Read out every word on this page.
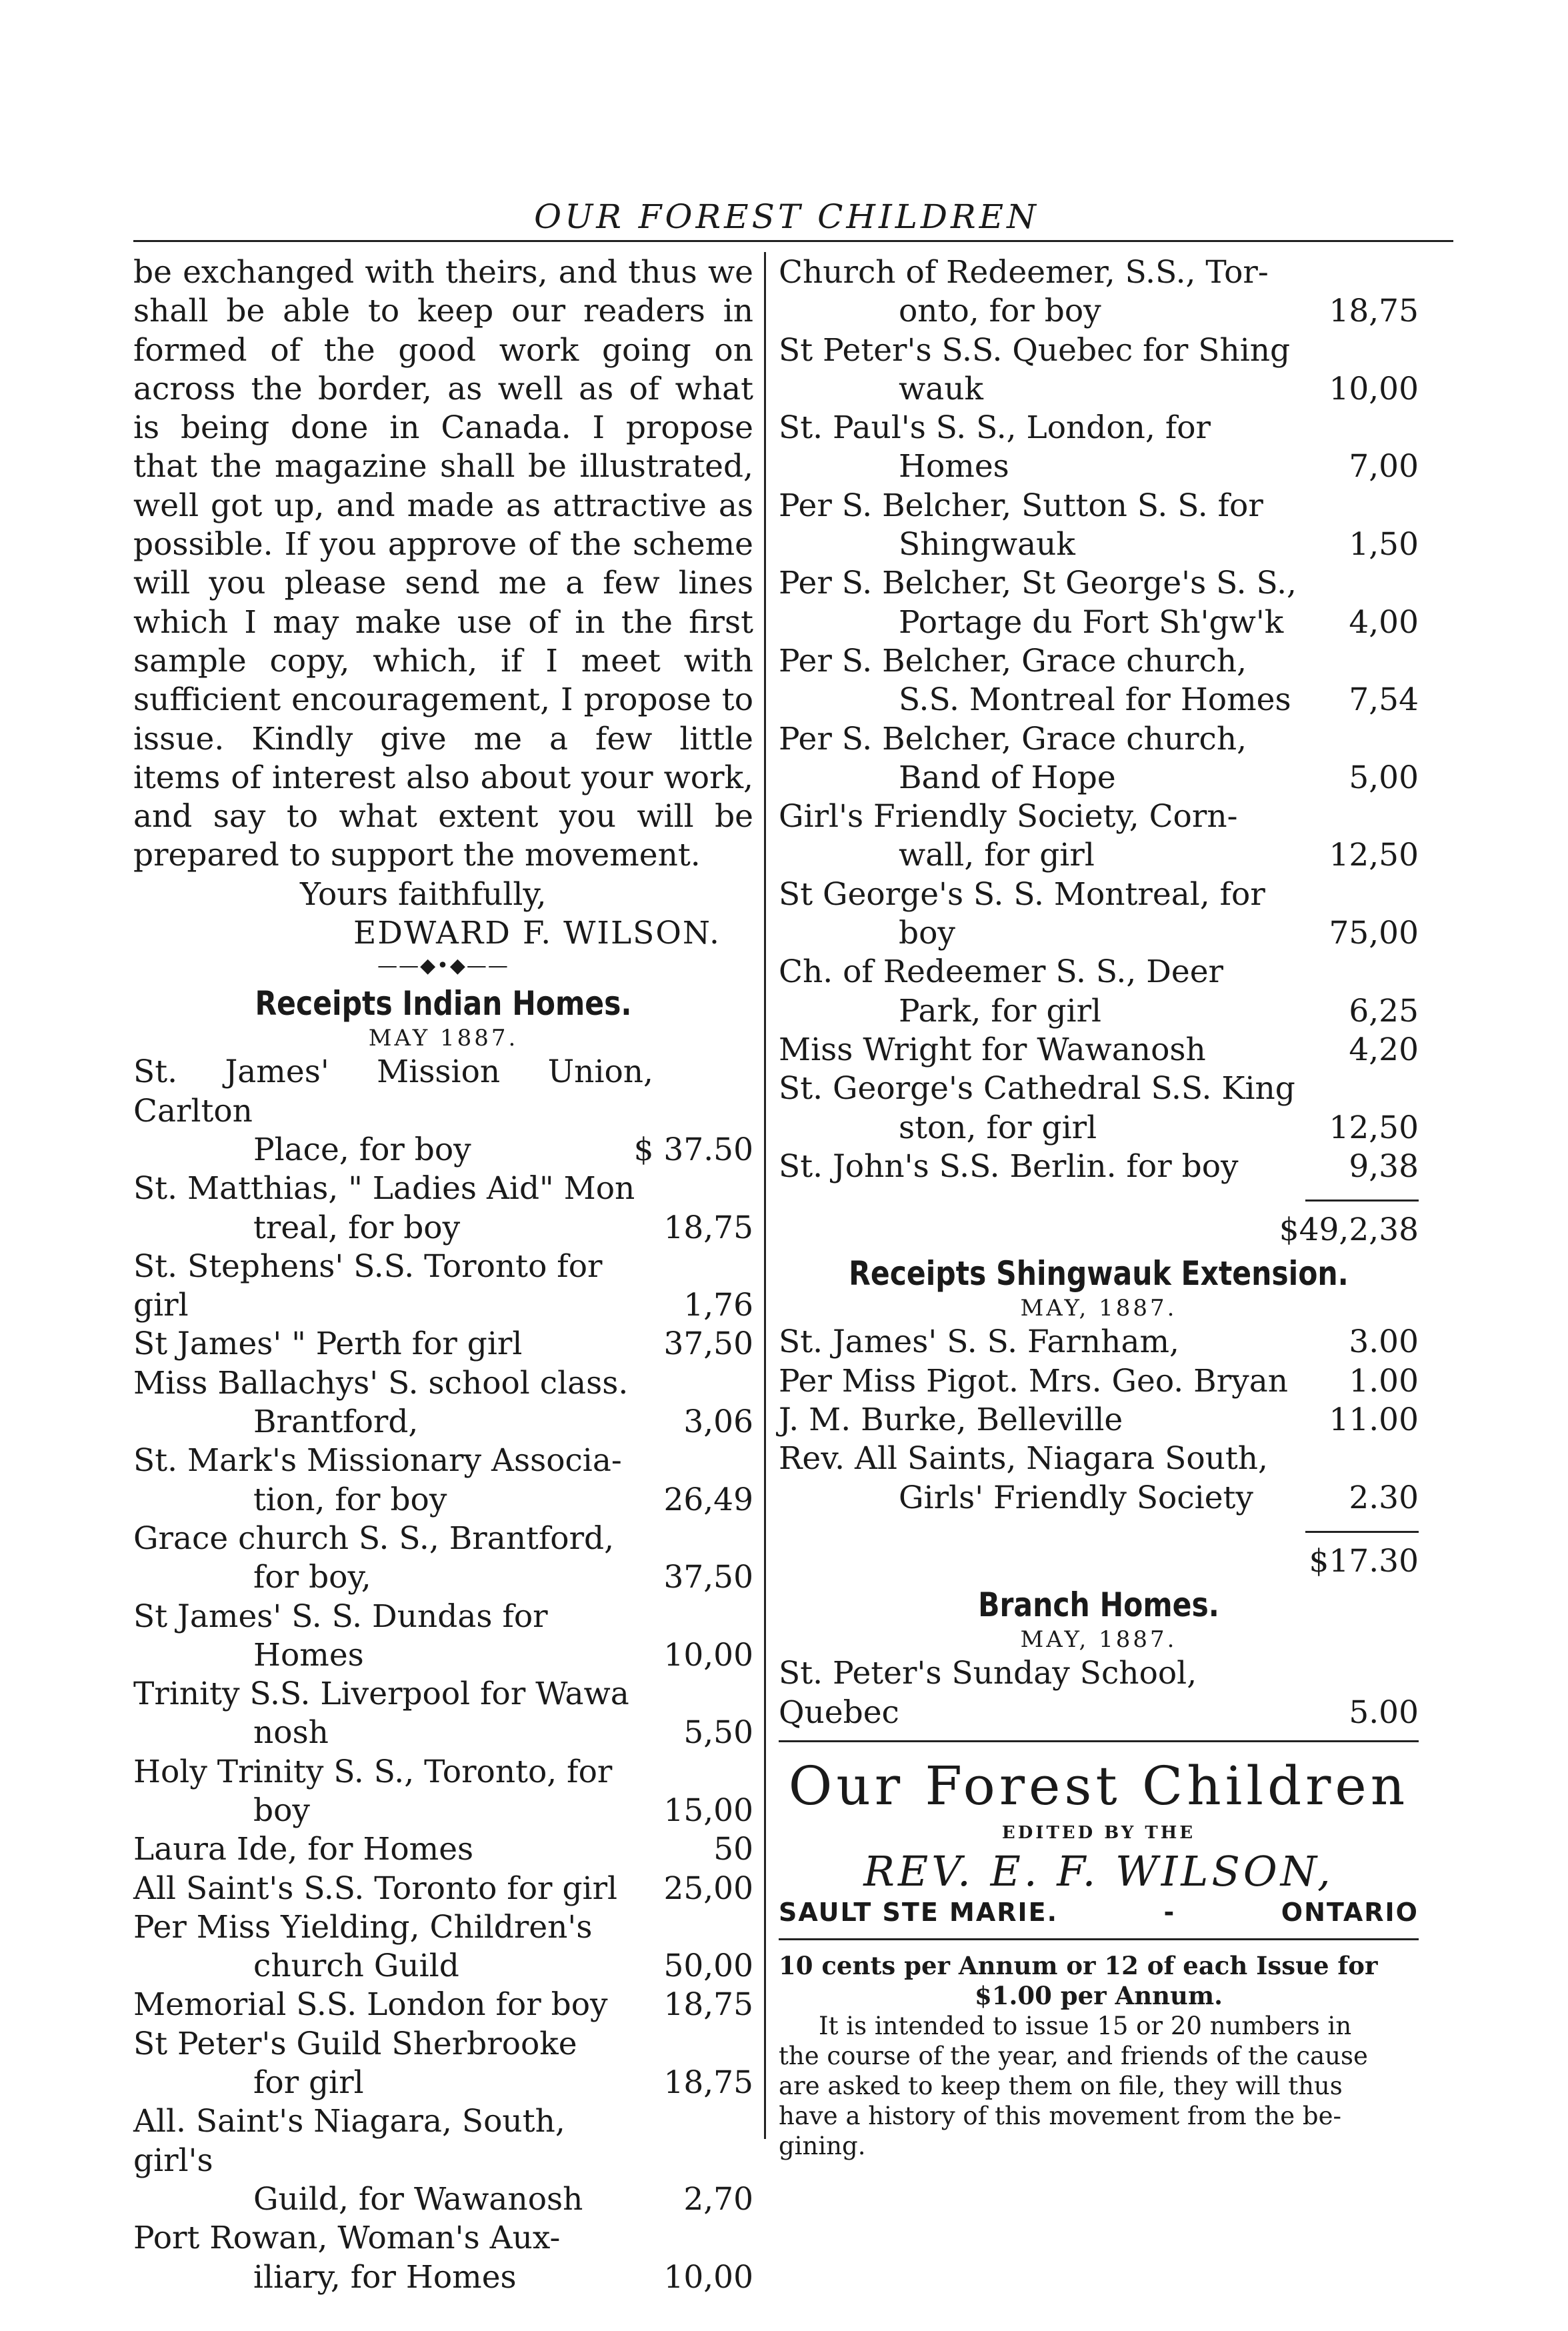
OUR FOREST CHILDREN
be exchanged with theirs, and thus we
shall be able to keep our readers in
formed of the good work going on
across the border, as well as of what
is being done in Canada. I propose
that the magazine shall be illustrated,
well got up, and made as attractive as
possible. If you approve of the scheme
will you please send me a few lines
which I may make use of in the first
sample copy, which, if I meet with
sufficient encouragement, I propose to
issue. Kindly give me a few little
items of interest also about your work,
and say to what extent you will be
prepared to support the movement.
Yours faithfully,
EDWARD F. WILSON.
——◆•◆——
Receipts Indian Homes.
MAY 1887.
St. James' Mission Union, Carlton
Place, for boy	$ 37.50
St. Matthias, " Ladies Aid" Mon
treal, for boy	18,75
St. Stephens' S.S. Toronto for girl	1,76
St James' " Perth for girl	37,50
Miss Ballachys' S. school class.
Brantford,	3,06
St. Mark's Missionary Associa-
tion, for boy	26,49
Grace church S. S., Brantford,
for boy,	37,50
St James' S. S. Dundas for
Homes	10,00
Trinity S.S. Liverpool for Wawa
nosh	5,50
Holy Trinity S. S., Toronto, for
boy	15,00
Laura Ide, for Homes	50
All Saint's S.S. Toronto for girl	25,00
Per Miss Yielding, Children's
church Guild	50,00
Memorial S.S. London for boy	18,75
St Peter's Guild Sherbrooke
for girl	18,75
All. Saint's Niagara, South, girl's
Guild, for Wawanosh	2,70
Port Rowan, Woman's Aux-
iliary, for Homes	10,00
Church of Redeemer, S.S., Tor-
onto, for boy	18,75
St Peter's S.S. Quebec for Shing
wauk	10,00
St. Paul's S. S., London, for
Homes	7,00
Per S. Belcher, Sutton S. S. for
Shingwauk	1,50
Per S. Belcher, St George's S. S.,
Portage du Fort Sh'gw'k	4,00
Per S. Belcher, Grace church,
S.S. Montreal for Homes	7,54
Per S. Belcher, Grace church,
Band of Hope	5,00
Girl's Friendly Society, Corn-
wall, for girl	12,50
St George's S. S. Montreal, for
boy	75,00
Ch. of Redeemer S. S., Deer
Park, for girl	6,25
Miss Wright for Wawanosh	4,20
St. George's Cathedral S.S. King
ston, for girl	12,50
St. John's S.S. Berlin. for boy	9,38
$49,2,38
Receipts Shingwauk Extension.
MAY, 1887.
St. James' S. S. Farnham,	3.00
Per Miss Pigot. Mrs. Geo. Bryan	1.00
J. M. Burke, Belleville	11.00
Rev. All Saints, Niagara South,
Girls' Friendly Society	2.30
$17.30
Branch Homes.
MAY, 1887.
St. Peter's Sunday School, Quebec	5.00
Our Forest Children
EDITED BY THE
REV. E. F. WILSON,
SAULT STE MARIE.	-	ONTARIO
10 cents per Annum or 12 of each Issue for
$1.00 per Annum.
It is intended to issue 15 or 20 numbers in
the course of the year, and friends of the cause
are asked to keep them on file, they will thus
have a history of this movement from the be-
gining.
